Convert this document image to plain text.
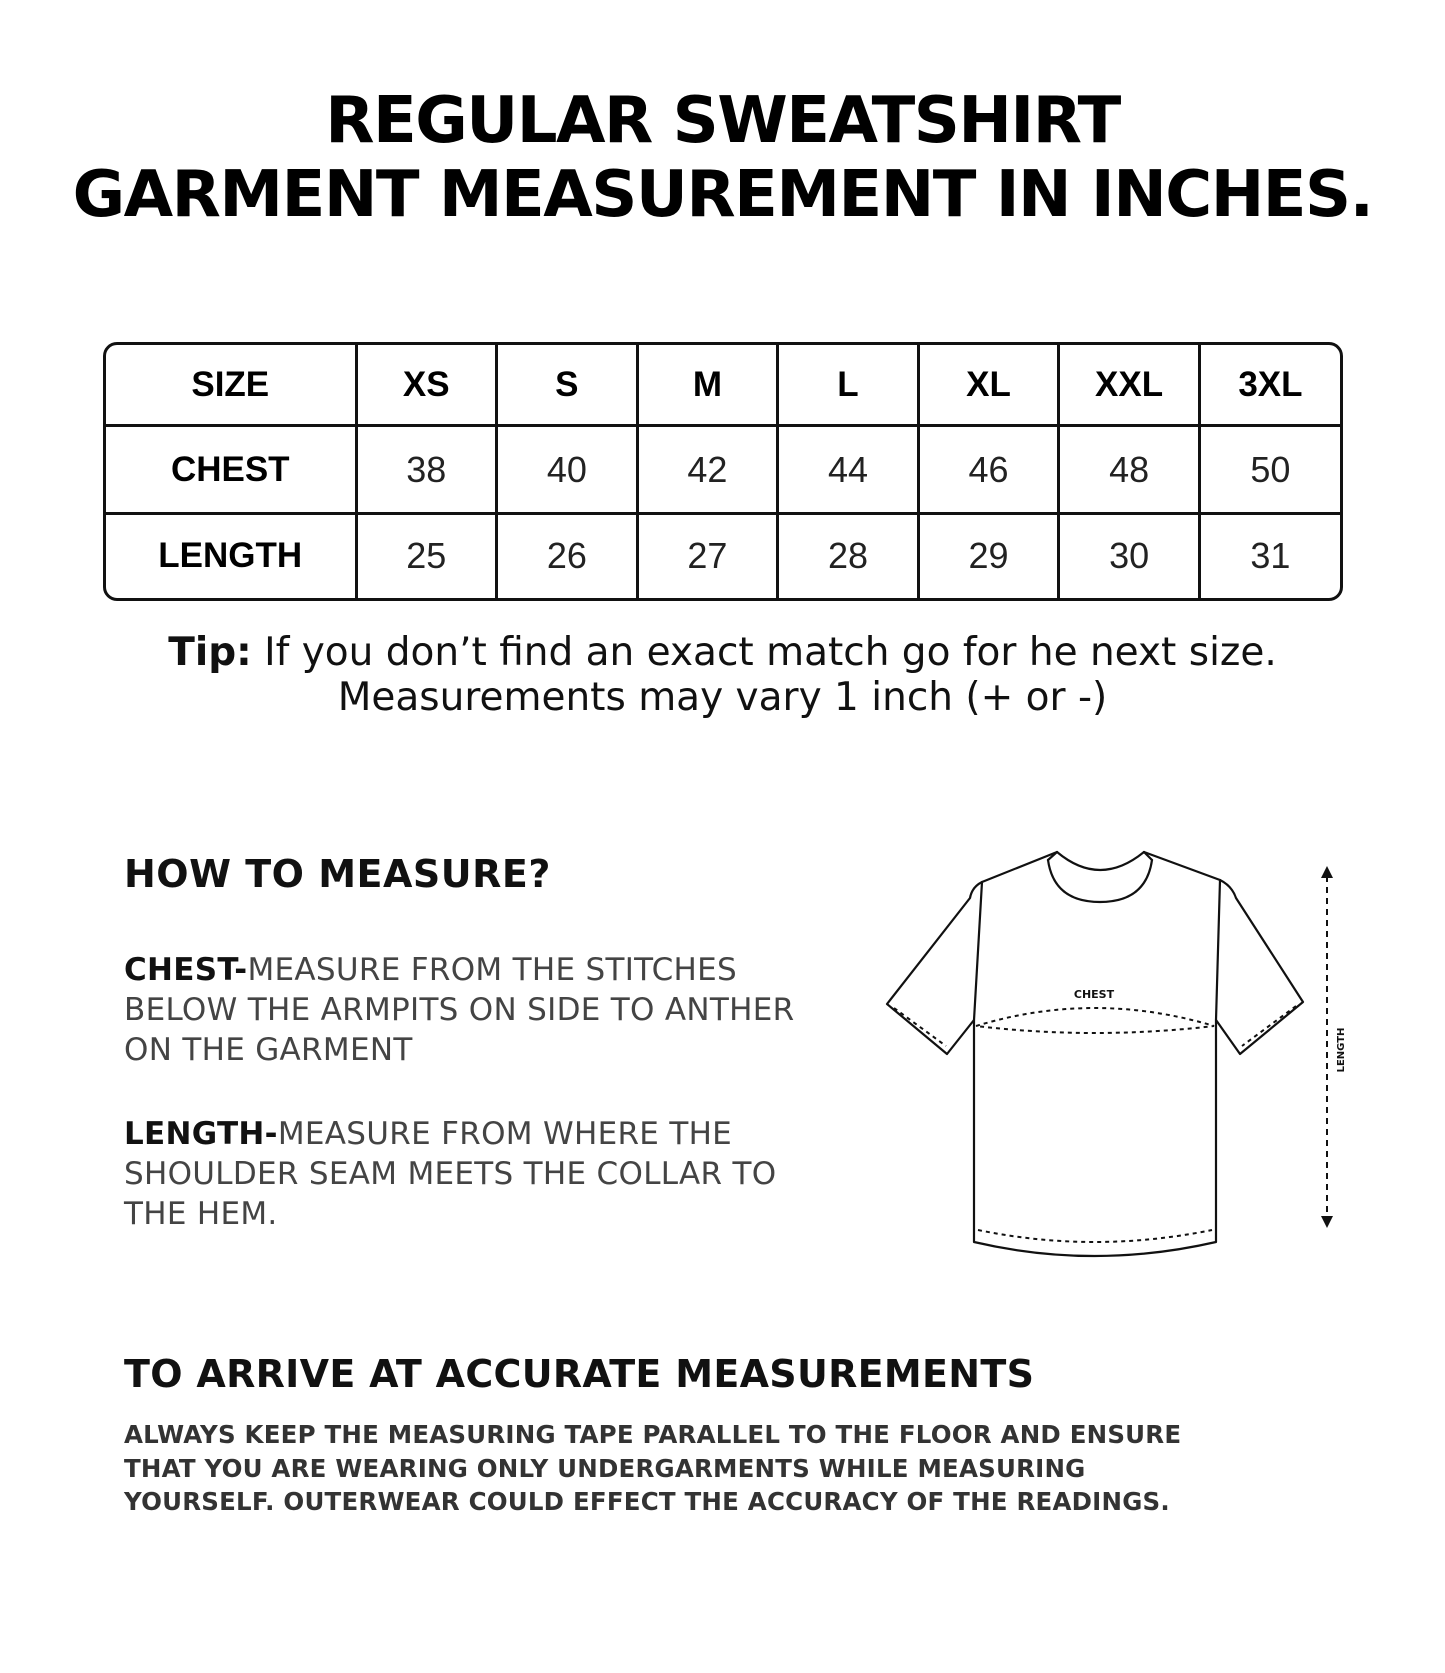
REGULAR SWEATSHIRT
GARMENT MEASUREMENT IN INCHES.
SIZE	XS	S	M	L	XL	XXL	3XL
CHEST	38	40	42	44	46	48	50
LENGTH	25	26	27	28	29	30	31
Tip: If you don’t find an exact match go for he next size.
Measurements may vary 1 inch (+ or -)
HOW TO MEASURE?
CHEST-MEASURE FROM THE STITCHES BELOW THE ARMPITS ON SIDE TO ANTHER ON THE GARMENT
LENGTH-MEASURE FROM WHERE THE SHOULDER SEAM MEETS THE COLLAR TO THE HEM.
CHEST
LENGTH
TO ARRIVE AT ACCURATE MEASUREMENTS
ALWAYS KEEP THE MEASURING TAPE PARALLEL TO THE FLOOR AND ENSURE THAT YOU ARE WEARING ONLY UNDERGARMENTS WHILE MEASURING YOURSELF. OUTERWEAR COULD EFFECT THE ACCURACY OF THE READINGS.
